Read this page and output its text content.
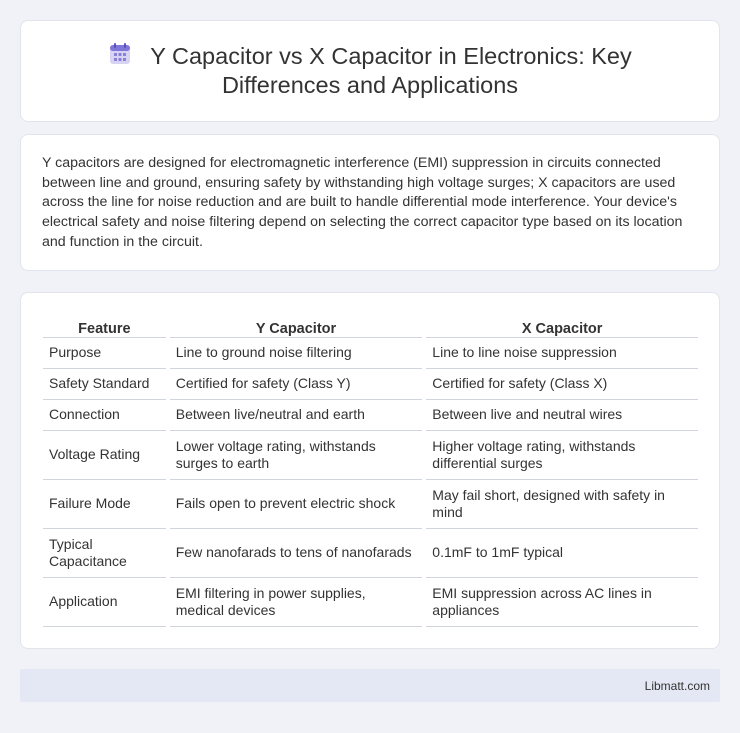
Y Capacitor vs X Capacitor in Electronics: Key Differences and Applications

Y capacitors are designed for electromagnetic interference (EMI) suppression in circuits connected between line and ground, ensuring safety by withstanding high voltage surges; X capacitors are used across the line for noise reduction and are built to handle differential mode interference. Your device's electrical safety and noise filtering depend on selecting the correct capacitor type based on its location and function in the circuit.

Feature		Y Capacitor		X Capacitor
Purpose		Line to ground noise filtering		Line to line noise suppression
Safety Standard		Certified for safety (Class Y)		Certified for safety (Class X)
Connection		Between live/neutral and earth		Between live and neutral wires
Voltage Rating		Lower voltage rating, withstands surges to earth		Higher voltage rating, withstands differential surges
Failure Mode		Fails open to prevent electric shock		May fail short, designed with safety in mind
Typical Capacitance		Few nanofarads to tens of nanofarads		0.1mF to 1mF typical
Application		EMI filtering in power supplies, medical devices		EMI suppression across AC lines in appliances
Libmatt.com
